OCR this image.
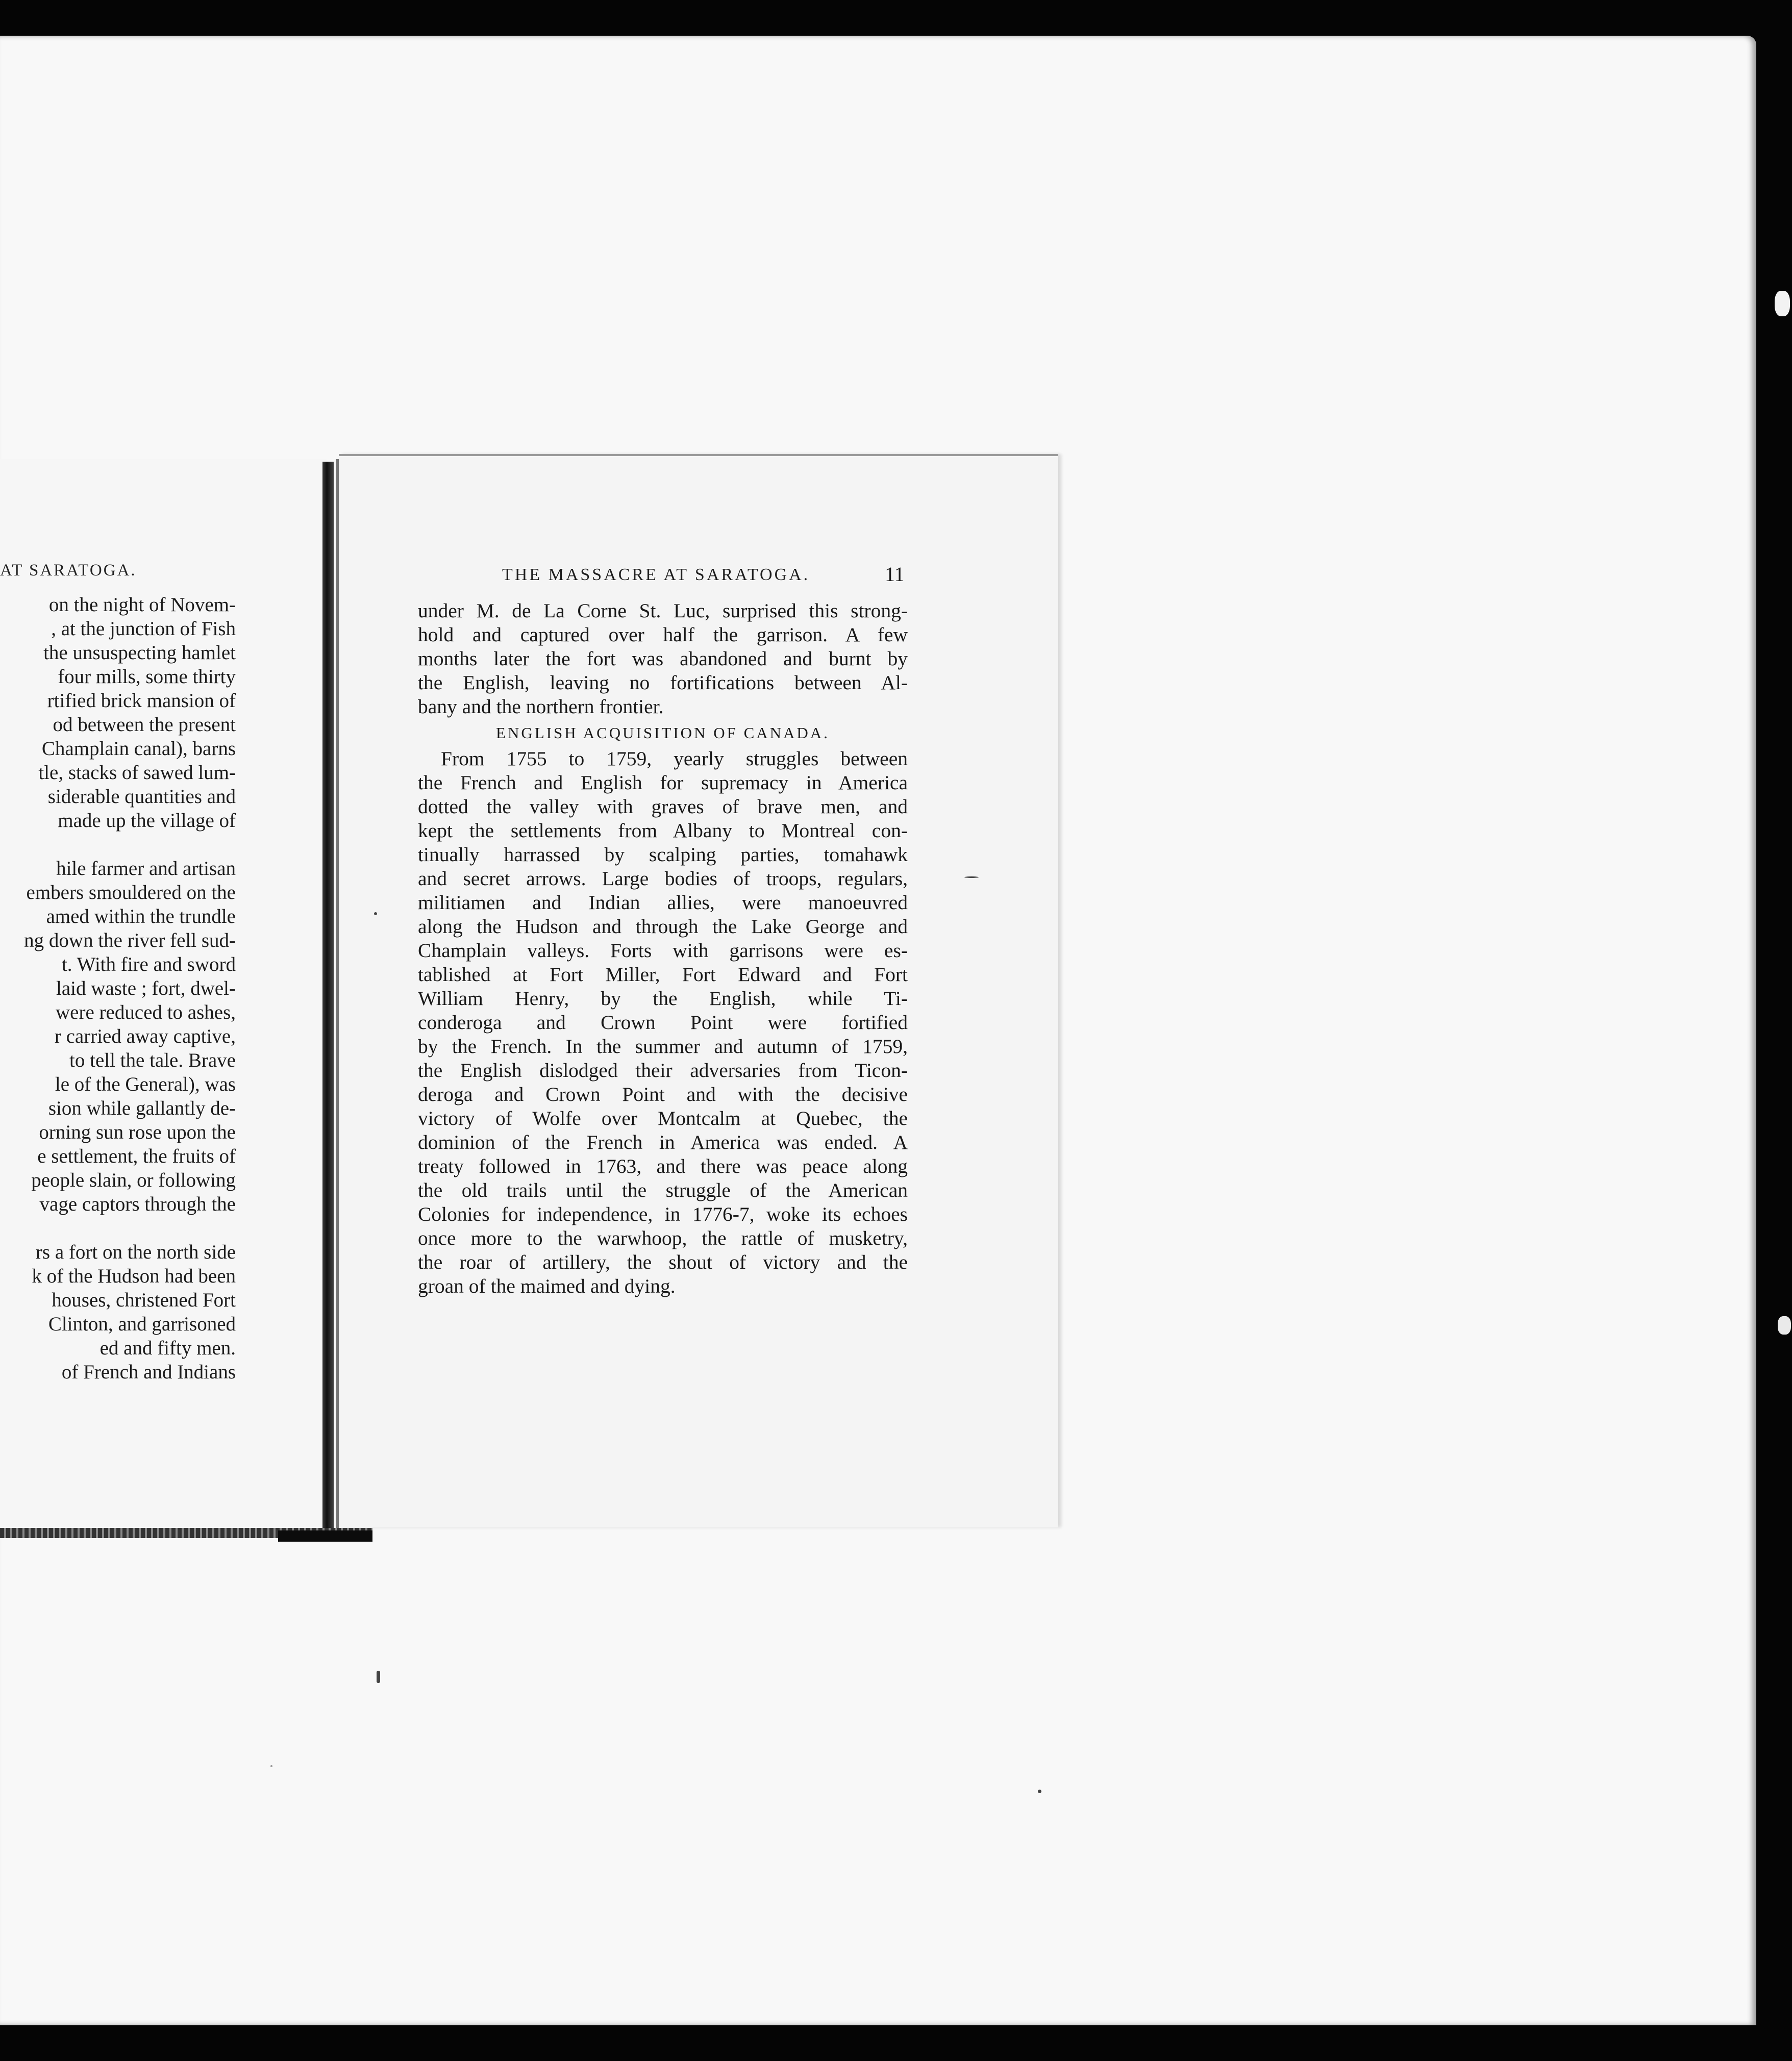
AT SARATOGA.
on the night of Novem-
, at the junction of Fish
the unsuspecting hamlet
four mills, some thirty
rtified brick mansion of
od between the present
Champlain canal), barns
tle, stacks of sawed lum-
siderable quantities and
made up the village of
hile farmer and artisan
embers smouldered on the
amed within the trundle
ng down the river fell sud-
t. With fire and sword
laid waste ; fort, dwel-
were reduced to ashes,
r carried away captive,
to tell the tale. Brave
le of the General), was
sion while gallantly de-
orning sun rose upon the
e settlement, the fruits of
people slain, or following
vage captors through the
rs a fort on the north side
k of the Hudson had been
houses, christened Fort
Clinton, and garrisoned
ed and fifty men.
of French and Indians
THE MASSACRE AT SARATOGA.	11
under M. de La Corne St. Luc, surprised this strong-
hold and captured over half the garrison. A few
months later the fort was abandoned and burnt by
the English, leaving no fortifications between Al-
bany and the northern frontier.
ENGLISH ACQUISITION OF CANADA.
From 1755 to 1759, yearly struggles between
the French and English for supremacy in America
dotted the valley with graves of brave men, and
kept the settlements from Albany to Montreal con-
tinually harrassed by scalping parties, tomahawk
and secret arrows. Large bodies of troops, regulars,
militiamen and Indian allies, were manoeuvred
along the Hudson and through the Lake George and
Champlain valleys. Forts with garrisons were es-
tablished at Fort Miller, Fort Edward and Fort
William Henry, by the English, while Ti-
conderoga and Crown Point were fortified
by the French. In the summer and autumn of 1759,
the English dislodged their adversaries from Ticon-
deroga and Crown Point and with the decisive
victory of Wolfe over Montcalm at Quebec, the
dominion of the French in America was ended. A
treaty followed in 1763, and there was peace along
the old trails until the struggle of the American
Colonies for independence, in 1776-7, woke its echoes
once more to the warwhoop, the rattle of musketry,
the roar of artillery, the shout of victory and the
groan of the maimed and dying.
